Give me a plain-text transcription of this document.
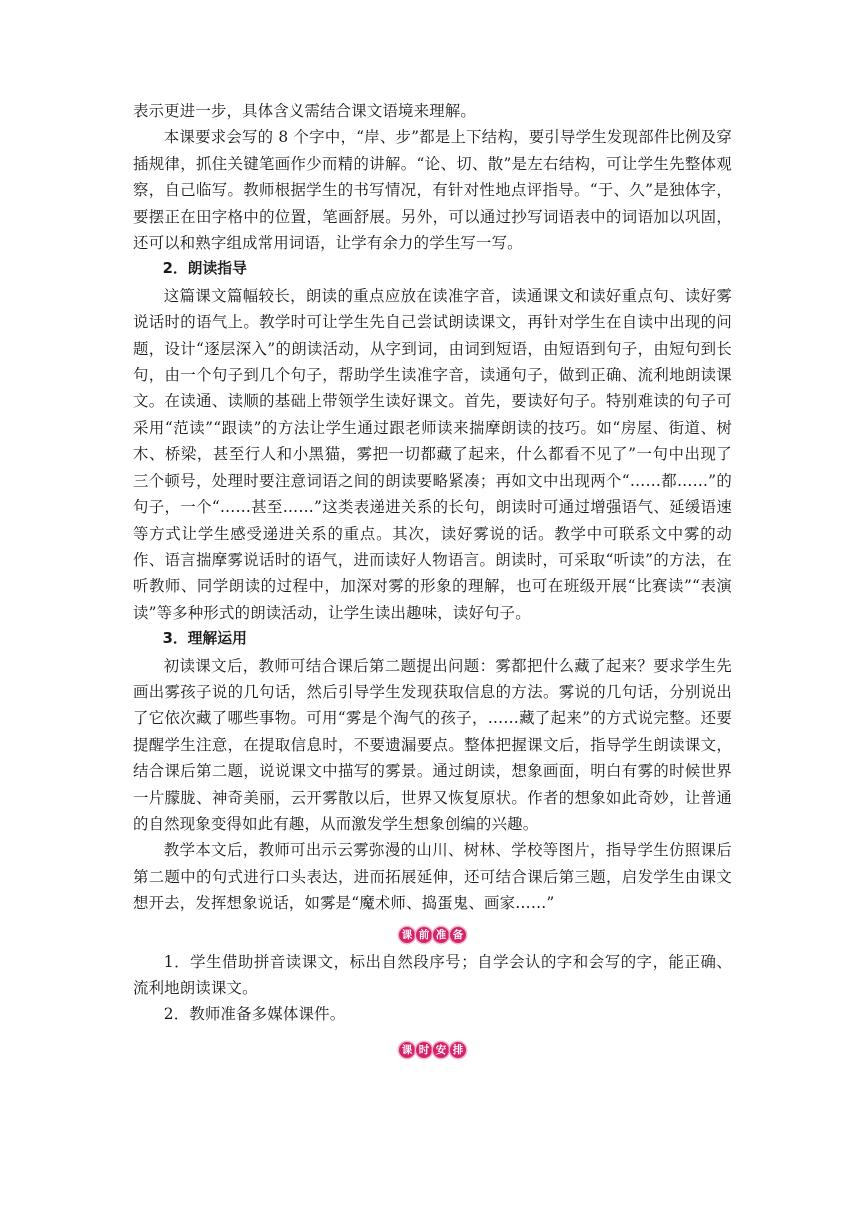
表示更进一步，具体含义需结合课文语境来理解。

本课要求会写的 8 个字中，“岸、步”都是上下结构，要引导学生发现部件比例及穿插规律，抓住关键笔画作少而精的讲解。“论、切、散”是左右结构，可让学生先整体观察，自己临写。教师根据学生的书写情况，有针对性地点评指导。“于、久”是独体字，要摆正在田字格中的位置，笔画舒展。另外，可以通过抄写词语表中的词语加以巩固，还可以和熟字组成常用词语，让学有余力的学生写一写。

2．朗读指导

这篇课文篇幅较长，朗读的重点应放在读准字音，读通课文和读好重点句、读好雾说话时的语气上。教学时可让学生先自己尝试朗读课文，再针对学生在自读中出现的问题，设计“逐层深入”的朗读活动，从字到词，由词到短语，由短语到句子，由短句到长句，由一个句子到几个句子，帮助学生读准字音，读通句子，做到正确、流利地朗读课文。在读通、读顺的基础上带领学生读好课文。首先，要读好句子。特别难读的句子可采用“范读”“跟读”的方法让学生通过跟老师读来揣摩朗读的技巧。如“房屋、街道、树木、桥梁，甚至行人和小黑猫，雾把一切都藏了起来，什么都看不见了”一句中出现了三个顿号，处理时要注意词语之间的朗读要略紧凑；再如文中出现两个“……都……”的句子，一个“……甚至……”这类表递进关系的长句，朗读时可通过增强语气、延缓语速等方式让学生感受递进关系的重点。其次，读好雾说的话。教学中可联系文中雾的动作、语言揣摩雾说话时的语气，进而读好人物语言。朗读时，可采取“听读”的方法，在听教师、同学朗读的过程中，加深对雾的形象的理解，也可在班级开展“比赛读”“表演读”等多种形式的朗读活动，让学生读出趣味，读好句子。

3．理解运用

初读课文后，教师可结合课后第二题提出问题：雾都把什么藏了起来？要求学生先画出雾孩子说的几句话，然后引导学生发现获取信息的方法。雾说的几句话，分别说出了它依次藏了哪些事物。可用“雾是个淘气的孩子，……藏了起来”的方式说完整。还要提醒学生注意，在提取信息时，不要遗漏要点。整体把握课文后，指导学生朗读课文，结合课后第二题，说说课文中描写的雾景。通过朗读，想象画面，明白有雾的时候世界一片朦胧、神奇美丽，云开雾散以后，世界又恢复原状。作者的想象如此奇妙，让普通的自然现象变得如此有趣，从而激发学生想象创编的兴趣。

教学本文后，教师可出示云雾弥漫的山川、树林、学校等图片，指导学生仿照课后第二题中的句式进行口头表达，进而拓展延伸，还可结合课后第三题，启发学生由课文想开去，发挥想象说话，如雾是“魔术师、捣蛋鬼、画家……”

课 前 准 备

1．学生借助拼音读课文，标出自然段序号；自学会认的字和会写的字，能正确、流利地朗读课文。

2．教师准备多媒体课件。

课 时 安 排
